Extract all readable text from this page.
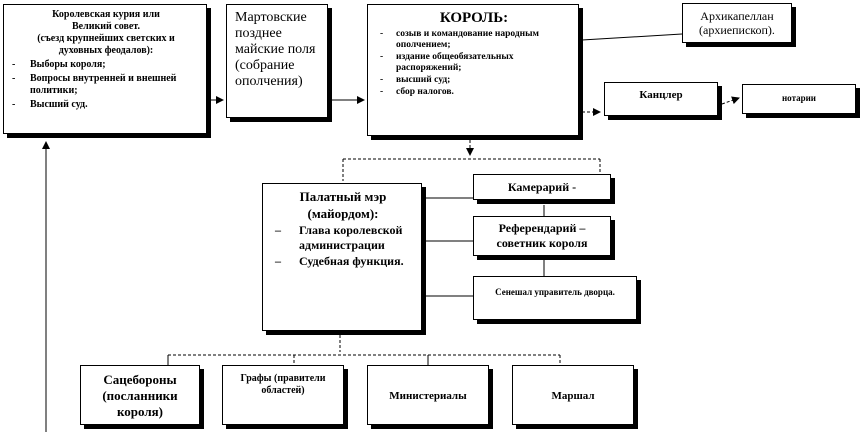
Королевская курия или
Великий совет.
(съезд крупнейших светских и
духовных феодалов):
- Выборы короля;
- Вопросы внутренней и внешней политики;
- Высший суд.
Мартовские позднее майские поля (собрание ополчения)
КОРОЛЬ:
- созыв и командование народным ополчением;
- издание общеобязательных распоряжений;
- высший суд;
- сбор налогов.
Архикапеллан (архиепископ).
Канцлер	нотарии
Палатный мэр
(майордом):
– Глава королевской администрации
– Судебная функция.
Камерарий -
Референдарий – советник короля
Сенешал управитель дворца.
Сацебороны (посланники короля)
Графы (правители областей)	Министериалы	Маршал
